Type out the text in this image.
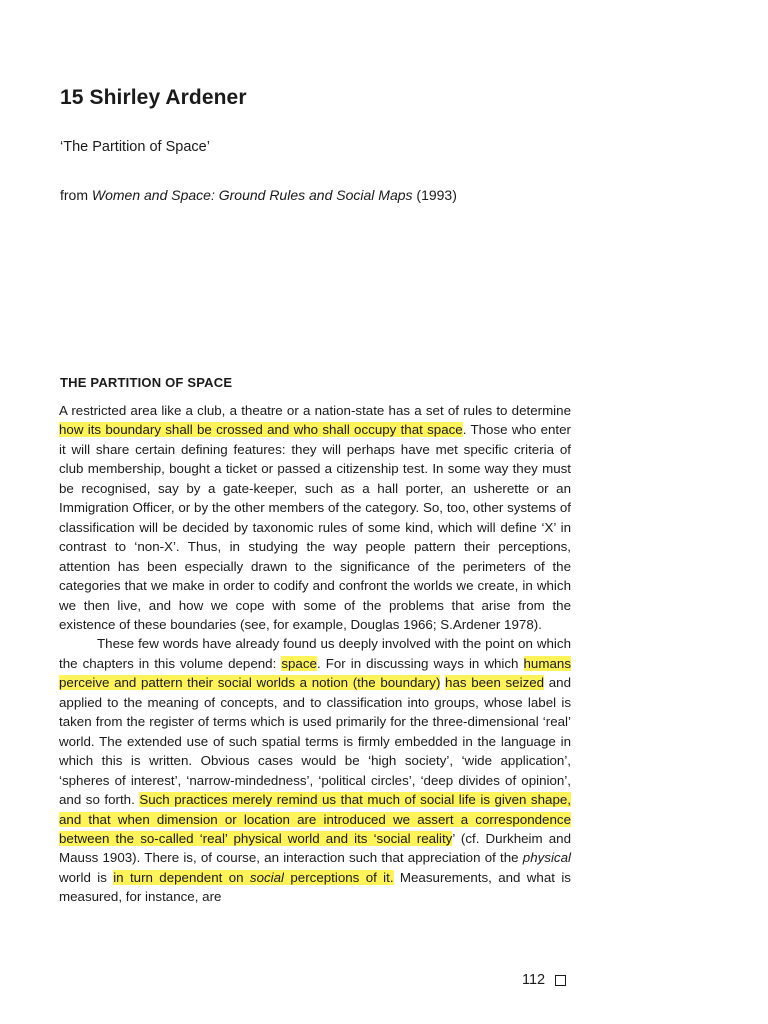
15 Shirley Ardener

‘The Partition of Space’

from Women and Space: Ground Rules and Social Maps (1993)

THE PARTITION OF SPACE

A restricted area like a club, a theatre or a nation-state has a set of rules to determine how its boundary shall be crossed and who shall occupy that space. Those who enter it will share certain defining features: they will perhaps have met specific criteria of club membership, bought a ticket or passed a citizenship test. In some way they must be recognised, say by a gate-keeper, such as a hall porter, an usherette or an Immigration Officer, or by the other members of the category. So, too, other systems of classification will be decided by taxonomic rules of some kind, which will define ‘X’ in contrast to ‘non-X’. Thus, in studying the way people pattern their perceptions, attention has been especially drawn to the significance of the perimeters of the categories that we make in order to codify and confront the worlds we create, in which we then live, and how we cope with some of the problems that arise from the existence of these boundaries (see, for example, Douglas 1966; S.Ardener 1978).

These few words have already found us deeply involved with the point on which the chapters in this volume depend: space. For in discussing ways in which humans perceive and pattern their social worlds a notion (the boundary) has been seized and applied to the meaning of concepts, and to classification into groups, whose label is taken from the register of terms which is used primarily for the three-dimensional ‘real’ world. The extended use of such spatial terms is firmly embedded in the language in which this is written. Obvious cases would be ‘high society’, ‘wide application’, ‘spheres of interest’, ‘narrow-mindedness’, ‘political circles’, ‘deep divides of opinion’, and so forth. Such practices merely remind us that much of social life is given shape, and that when dimension or location are introduced we assert a correspondence between the so-called ‘real’ physical world and its ‘social reality’ (cf. Durkheim and Mauss 1903). There is, of course, an interaction such that appreciation of the physical world is in turn dependent on social perceptions of it. Measurements, and what is measured, for instance, are

112
